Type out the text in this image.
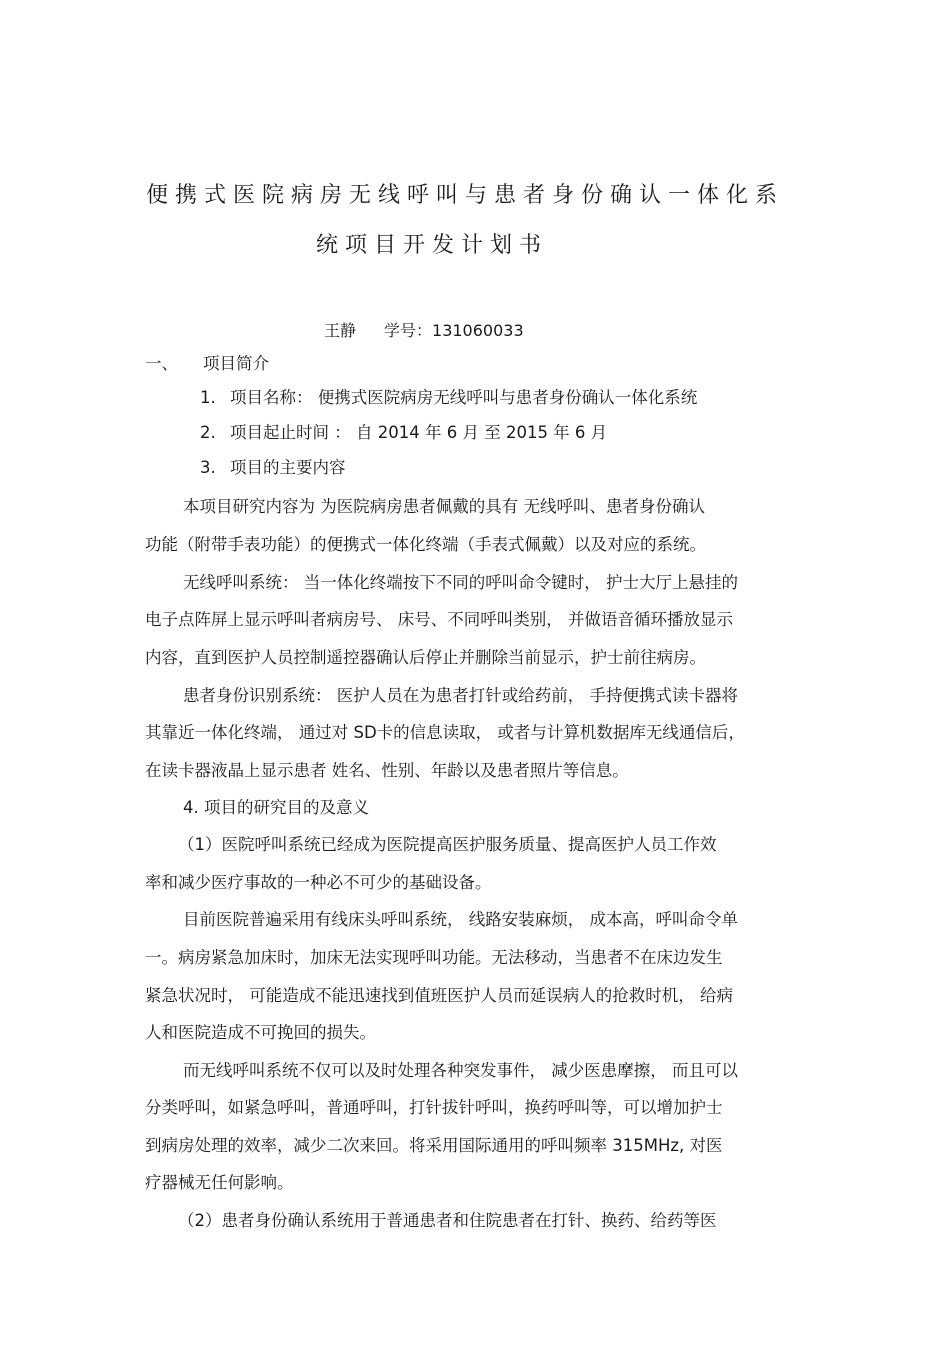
便携式医院病房无线呼叫与患者身份确认一体化系
统项目开发计划书
王静 学号：131060033
一、 项目简介
1. 项目名称： 便携式医院病房无线呼叫与患者身份确认一体化系统
2. 项目起止时间 ： 自 2014 年 6 月 至 2015 年 6 月
3. 项目的主要内容
本项目研究内容为 为医院病房患者佩戴的具有 无线呼叫、患者身份确认
功能（附带手表功能）的便携式一体化终端（手表式佩戴）以及对应的系统。
无线呼叫系统： 当一体化终端按下不同的呼叫命令键时， 护士大厅上悬挂的
电子点阵屏上显示呼叫者病房号、 床号、不同呼叫类别， 并做语音循环播放显示
内容，直到医护人员控制遥控器确认后停止并删除当前显示，护士前往病房。
患者身份识别系统： 医护人员在为患者打针或给药前， 手持便携式读卡器将
其靠近一体化终端， 通过对 SD卡的信息读取， 或者与计算机数据库无线通信后，
在读卡器液晶上显示患者 姓名、性别、年龄以及患者照片等信息。
4. 项目的研究目的及意义
（1）医院呼叫系统已经成为医院提高医护服务质量、提高医护人员工作效
率和减少医疗事故的一种必不可少的基础设备。
目前医院普遍采用有线床头呼叫系统， 线路安装麻烦， 成本高，呼叫命令单
一。病房紧急加床时，加床无法实现呼叫功能。无法移动，当患者不在床边发生
紧急状况时， 可能造成不能迅速找到值班医护人员而延误病人的抢救时机， 给病
人和医院造成不可挽回的损失。
而无线呼叫系统不仅可以及时处理各种突发事件， 减少医患摩擦， 而且可以
分类呼叫，如紧急呼叫，普通呼叫，打针拔针呼叫，换药呼叫等，可以增加护士
到病房处理的效率，减少二次来回。将采用国际通用的呼叫频率 315MHz, 对医
疗器械无任何影响。
（2）患者身份确认系统用于普通患者和住院患者在打针、换药、给药等医
